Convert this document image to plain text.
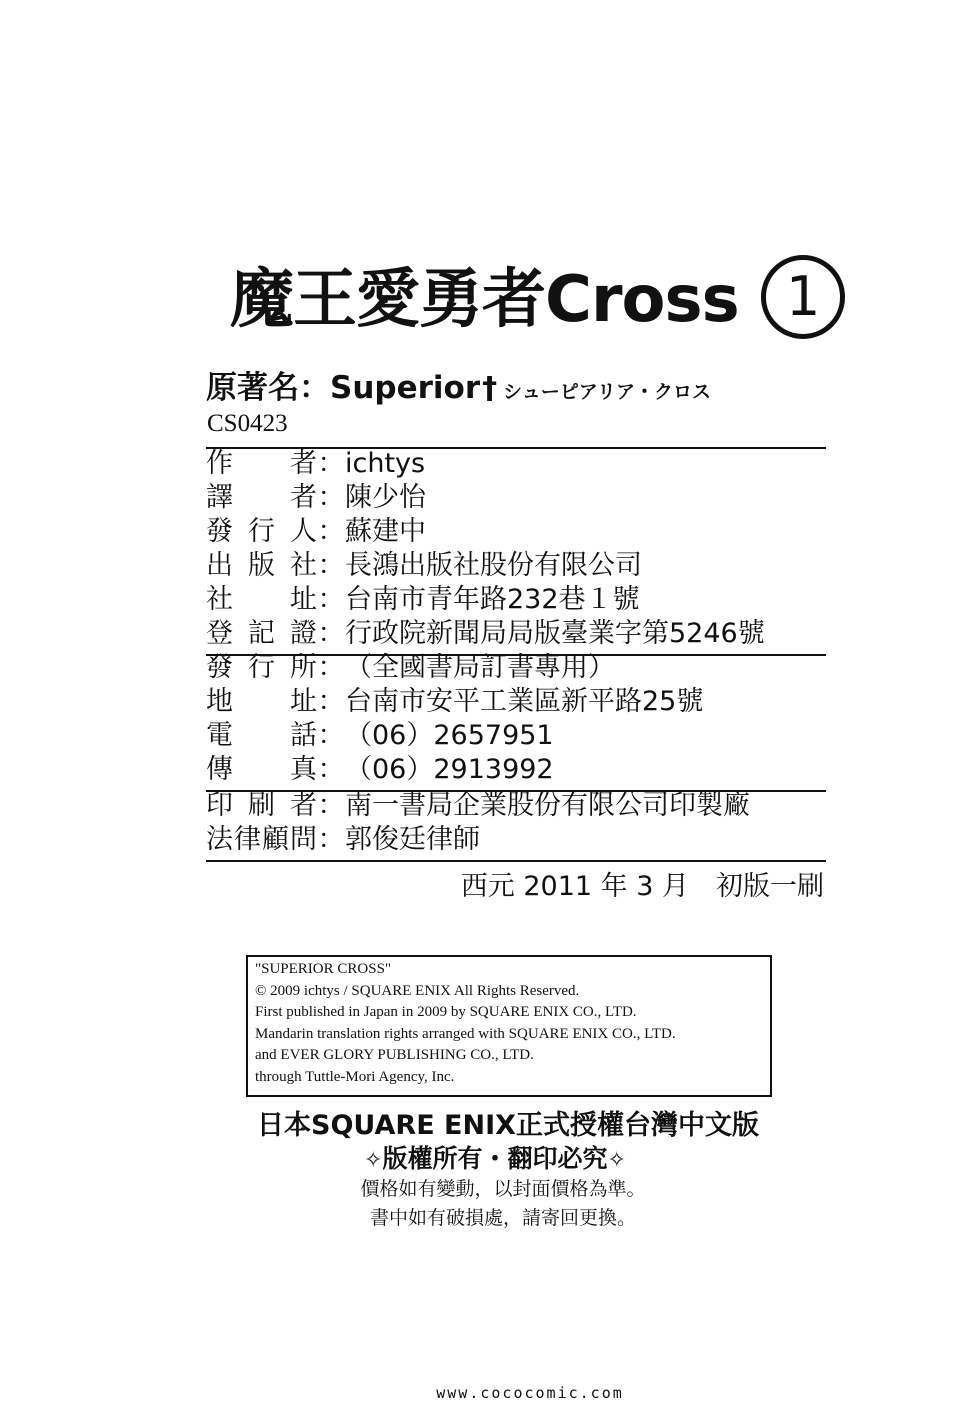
魔王愛勇者Cross 1
原著名：Superior† シューピアリア・クロス
CS0423
作者：ichtys
譯者：陳少怡
發行人：蘇建中
出版社：長鴻出版社股份有限公司
社址：台南市青年路232巷１號
登記證：行政院新聞局局版臺業字第5246號
發行所：（全國書局訂書專用）
地址：台南市安平工業區新平路25號
電話：（06）2657951
傳真：（06）2913992
印刷者：南一書局企業股份有限公司印製廠
法律顧問：郭俊廷律師
西元 2011 年 3 月　初版一刷
"SUPERIOR CROSS"
© 2009 ichtys / SQUARE ENIX All Rights Reserved.
First published in Japan in 2009 by SQUARE ENIX CO., LTD.
Mandarin translation rights arranged with SQUARE ENIX CO., LTD.
and EVER GLORY PUBLISHING CO., LTD.
through Tuttle-Mori Agency, Inc.
日本SQUARE ENIX正式授權台灣中文版
✧版權所有・翻印必究✧
價格如有變動，以封面價格為準。
書中如有破損處，請寄回更換。
www.cococomic.com
